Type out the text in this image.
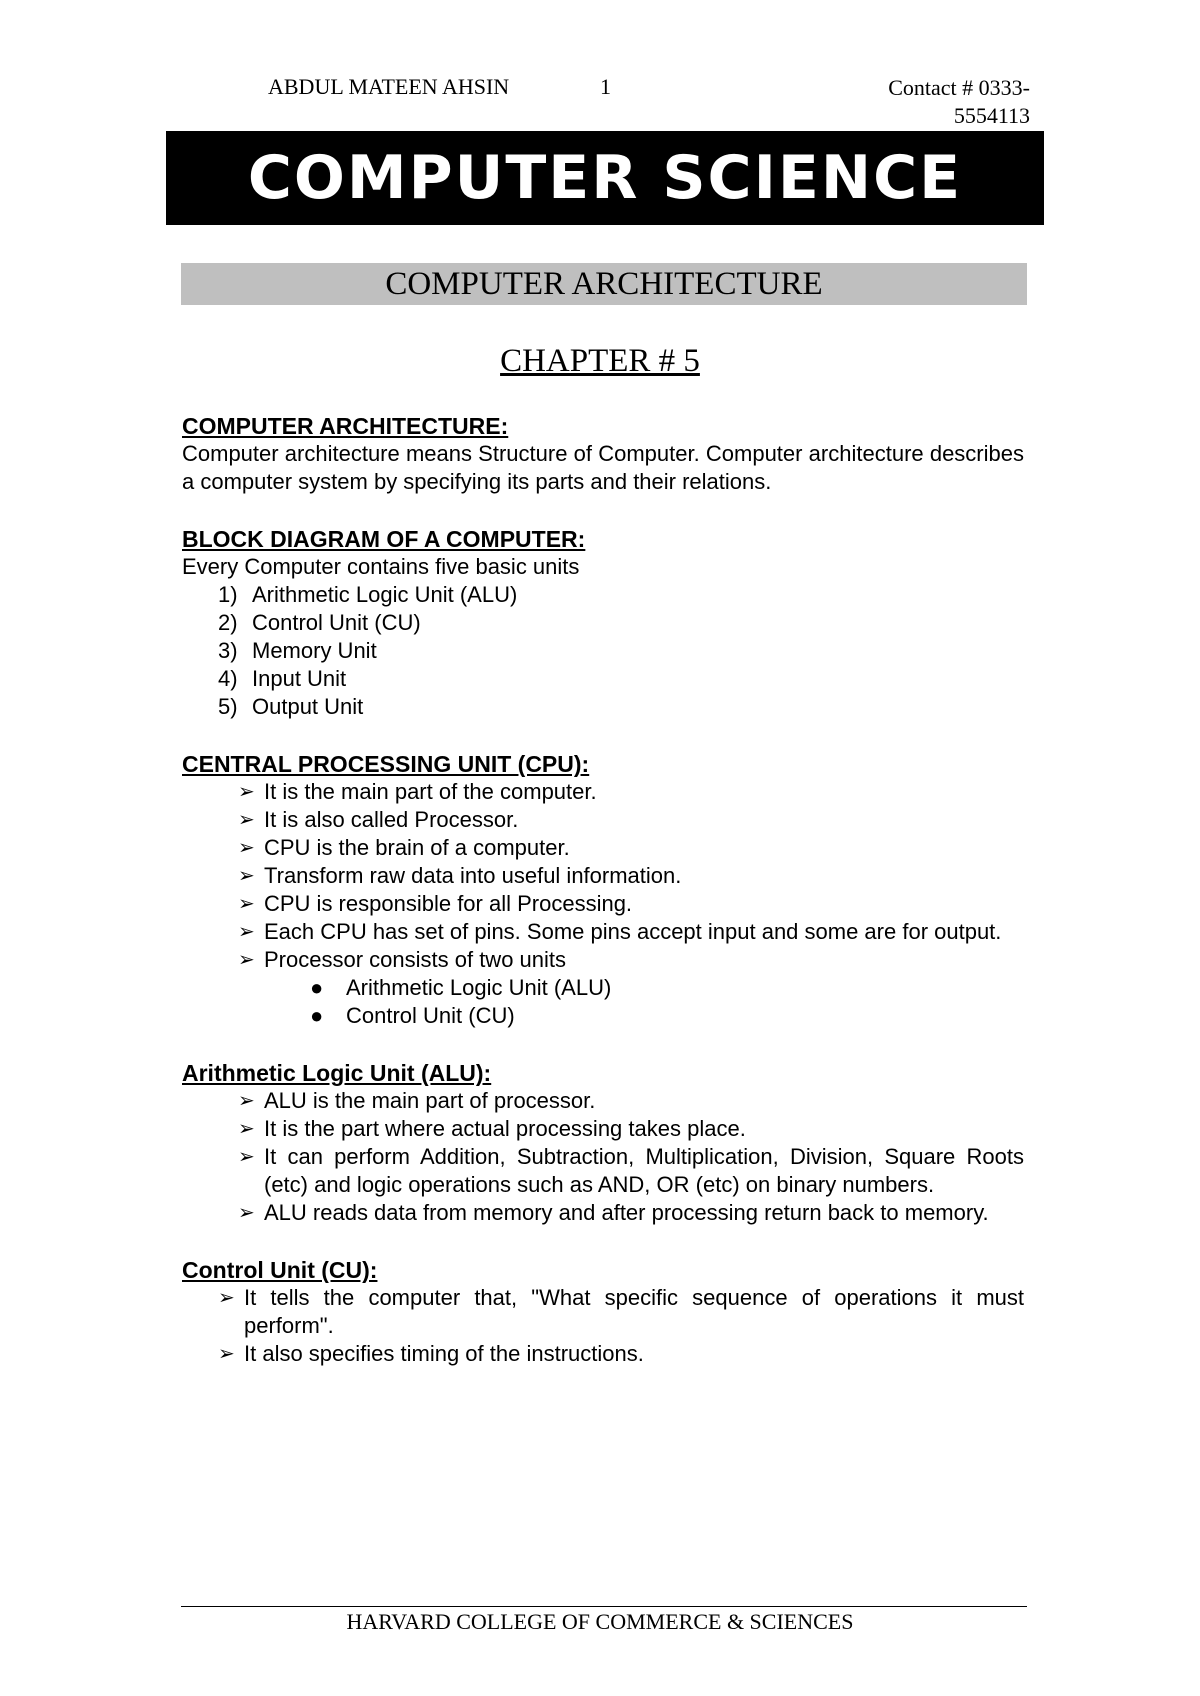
ABDUL MATEEN AHSIN	1	Contact # 0333-5554113
COMPUTER SCIENCE
COMPUTER ARCHITECTURE
CHAPTER # 5
COMPUTER ARCHITECTURE:

Computer architecture means Structure of Computer. Computer architecture describes a computer system by specifying its parts and their relations.

BLOCK DIAGRAM OF A COMPUTER:

Every Computer contains five basic units

1) Arithmetic Logic Unit (ALU)
2) Control Unit (CU)
3) Memory Unit
4) Input Unit
5) Output Unit
CENTRAL PROCESSING UNIT (CPU):
➢ It is the main part of the computer.
➢ It is also called Processor.
➢ CPU is the brain of a computer.
➢ Transform raw data into useful information.
➢ CPU is responsible for all Processing.
➢ Each CPU has set of pins. Some pins accept input and some are for output.
➢ Processor consists of two units
●	Arithmetic Logic Unit (ALU)
●	Control Unit (CU)
Arithmetic Logic Unit (ALU):
➢ ALU is the main part of processor.
➢ It is the part where actual processing takes place.
➢ It can perform Addition, Subtraction, Multiplication, Division, Square Roots (etc) and logic operations such as AND, OR (etc) on binary numbers.
➢ ALU reads data from memory and after processing return back to memory.
Control Unit (CU):
➢ It tells the computer that, "What specific sequence of operations it must perform".
➢ It also specifies timing of the instructions.
HARVARD COLLEGE OF COMMERCE & SCIENCES
